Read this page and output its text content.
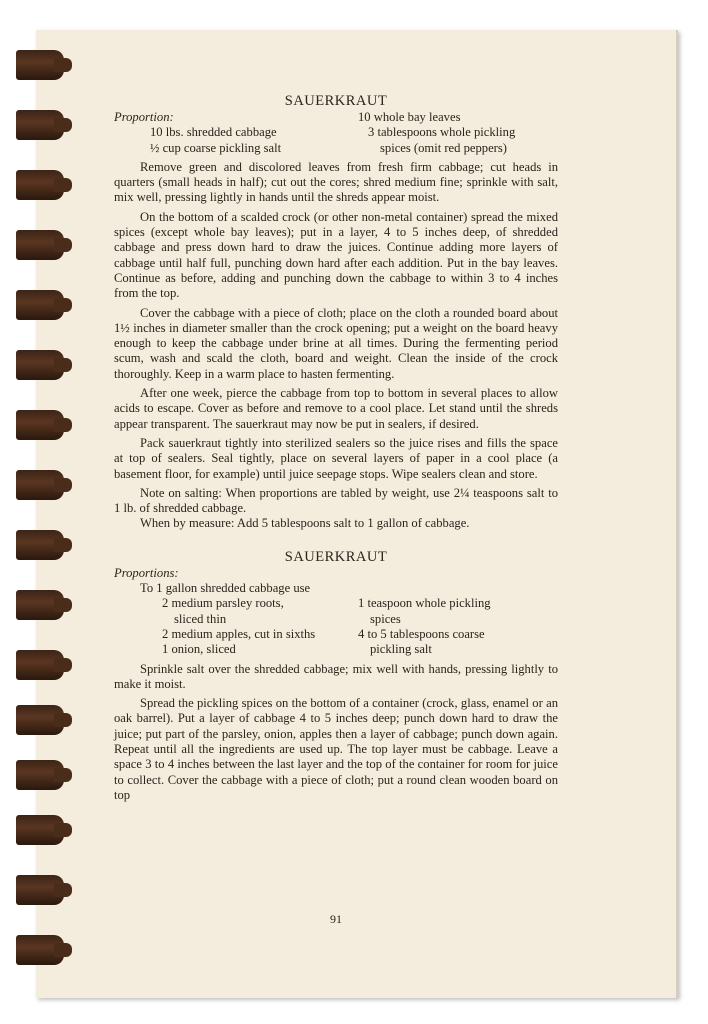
SAUERKRAUT
Proportion:
10 lbs. shredded cabbage
½ cup coarse pickling salt
10 whole bay leaves
3 tablespoons whole pickling
spices (omit red peppers)

Remove green and discolored leaves from fresh firm cabbage; cut heads in quarters (small heads in half); cut out the cores; shred medium fine; sprinkle with salt, mix well, pressing lightly in hands until the shreds appear moist.

On the bottom of a scalded crock (or other non-metal container) spread the mixed spices (except whole bay leaves); put in a layer, 4 to 5 inches deep, of shredded cabbage and press down hard to draw the juices. Continue adding more layers of cabbage until half full, punching down hard after each addition. Put in the bay leaves. Continue as before, adding and punching down the cabbage to within 3 to 4 inches from the top.

Cover the cabbage with a piece of cloth; place on the cloth a rounded board about 1½ inches in diameter smaller than the crock opening; put a weight on the board heavy enough to keep the cabbage under brine at all times. During the fermenting period scum, wash and scald the cloth, board and weight. Clean the inside of the crock thoroughly. Keep in a warm place to hasten fermenting.

After one week, pierce the cabbage from top to bottom in several places to allow acids to escape. Cover as before and remove to a cool place. Let stand until the shreds appear transparent. The sauerkraut may now be put in sealers, if desired.

Pack sauerkraut tightly into sterilized sealers so the juice rises and fills the space at top of sealers. Seal tightly, place on several layers of paper in a cool place (a basement floor, for example) until juice seepage stops. Wipe sealers clean and store.

Note on salting: When proportions are tabled by weight, use 2¼ teaspoons salt to 1 lb. of shredded cabbage.

When by measure: Add 5 tablespoons salt to 1 gallon of cabbage.

SAUERKRAUT
Proportions:
To 1 gallon shredded cabbage use
2 medium parsley roots,
sliced thin
2 medium apples, cut in sixths
1 onion, sliced
1 teaspoon whole pickling
spices
4 to 5 tablespoons coarse
pickling salt

Sprinkle salt over the shredded cabbage; mix well with hands, pressing lightly to make it moist.

Spread the pickling spices on the bottom of a container (crock, glass, enamel or an oak barrel). Put a layer of cabbage 4 to 5 inches deep; punch down hard to draw the juice; put part of the parsley, onion, apples then a layer of cabbage; punch down again. Repeat until all the ingredients are used up. The top layer must be cabbage. Leave a space 3 to 4 inches between the last layer and the top of the container for room for juice to collect. Cover the cabbage with a piece of cloth; put a round clean wooden board on top

91
